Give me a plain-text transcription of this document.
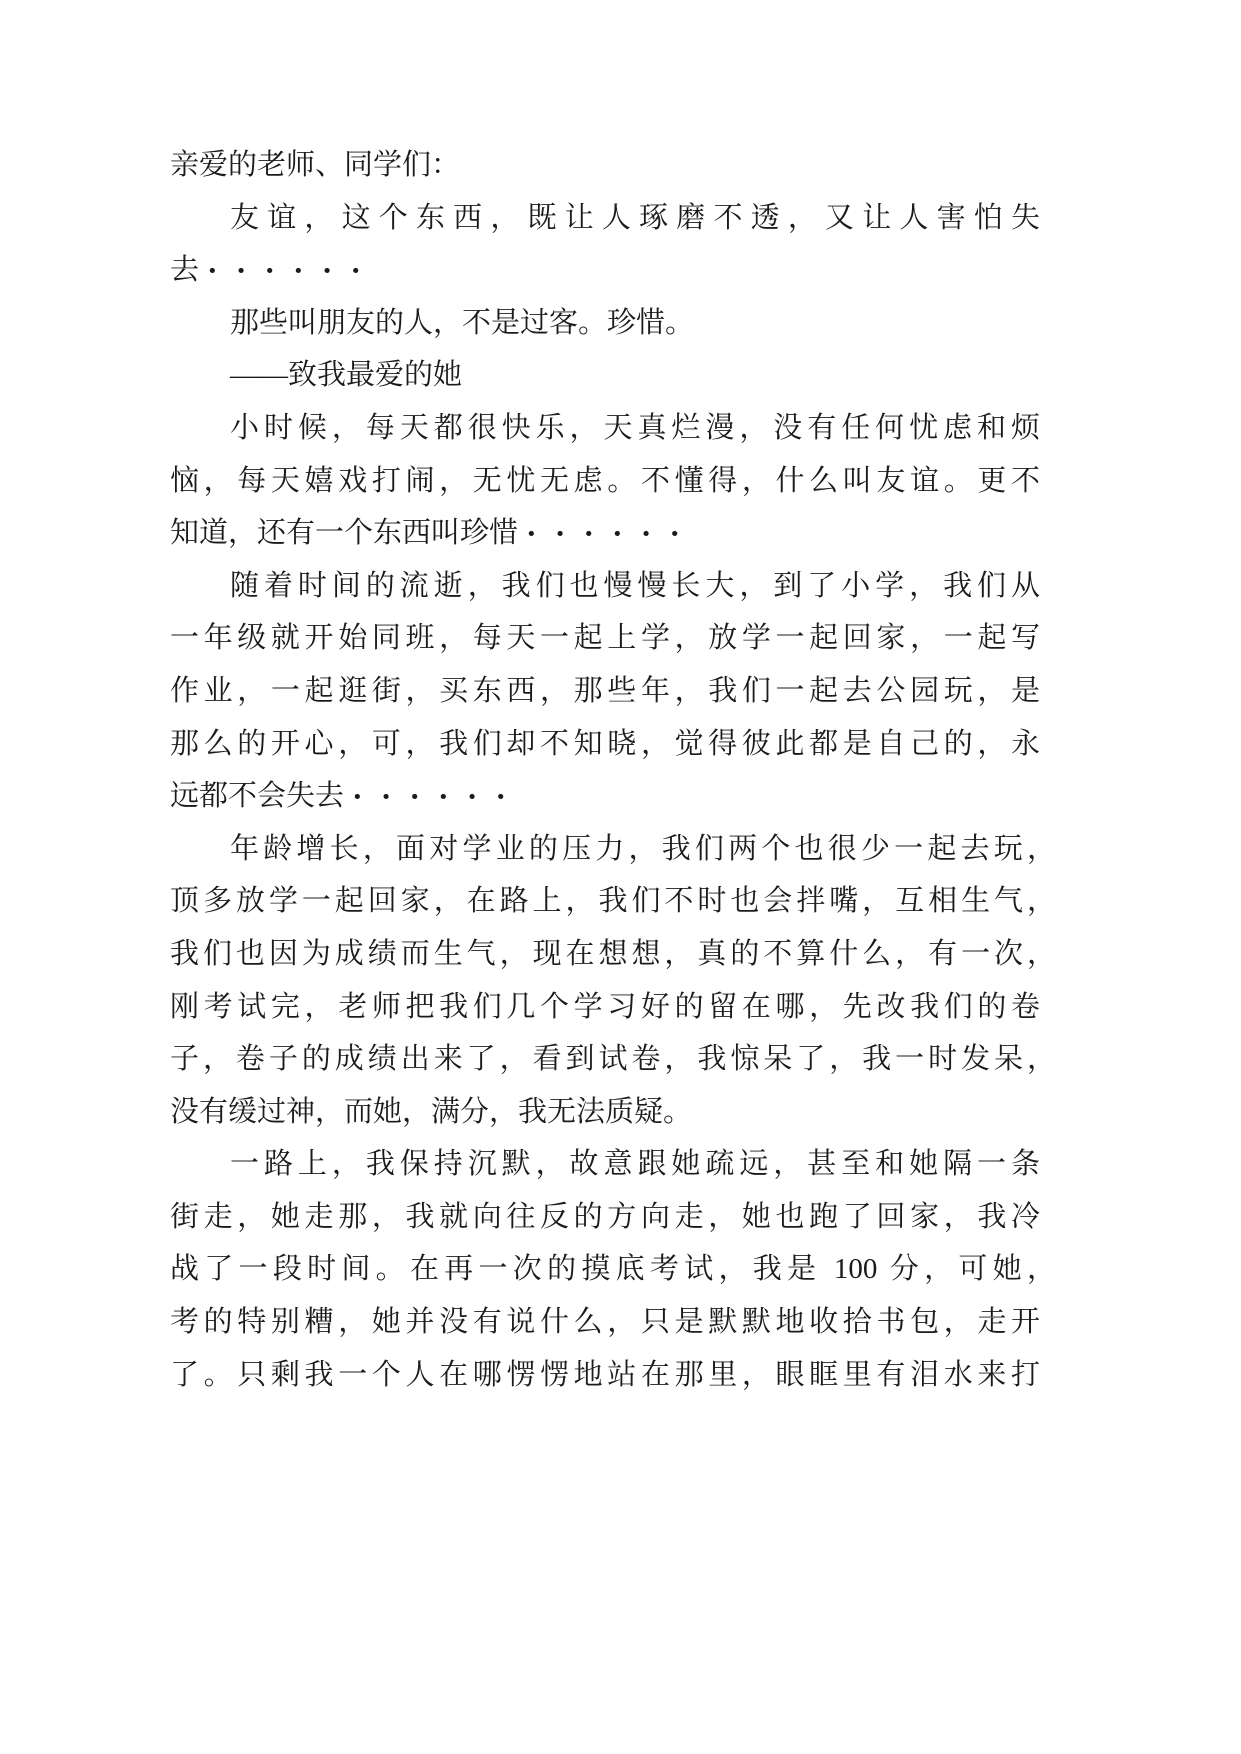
亲爱的老师、同学们：
友谊，这个东西，既让人琢磨不透，又让人害怕失
去 ······
那些叫朋友的人，不是过客。珍惜。
——致我最爱的她
小时候，每天都很快乐，天真烂漫，没有任何忧虑和烦
恼，每天嬉戏打闹，无忧无虑。不懂得，什么叫友谊。更不
知道，还有一个东西叫珍惜 ······
随着时间的流逝，我们也慢慢长大，到了小学，我们从
一年级就开始同班，每天一起上学，放学一起回家，一起写
作业，一起逛街，买东西，那些年，我们一起去公园玩，是
那么的开心，可，我们却不知晓，觉得彼此都是自己的，永
远都不会失去 ······
年龄增长，面对学业的压力，我们两个也很少一起去玩，
顶多放学一起回家，在路上，我们不时也会拌嘴，互相生气，
我们也因为成绩而生气，现在想想，真的不算什么，有一次，
刚考试完，老师把我们几个学习好的留在哪，先改我们的卷
子，卷子的成绩出来了，看到试卷，我惊呆了，我一时发呆，
没有缓过神，而她，满分，我无法质疑。
一路上，我保持沉默，故意跟她疏远，甚至和她隔一条
街走，她走那，我就向往反的方向走，她也跑了回家，我冷
战了一段时间。在再一次的摸底考试，我是 100 分，可她，
考的特别糟，她并没有说什么，只是默默地收拾书包，走开
了。只剩我一个人在哪愣愣地站在那里，眼眶里有泪水来打
